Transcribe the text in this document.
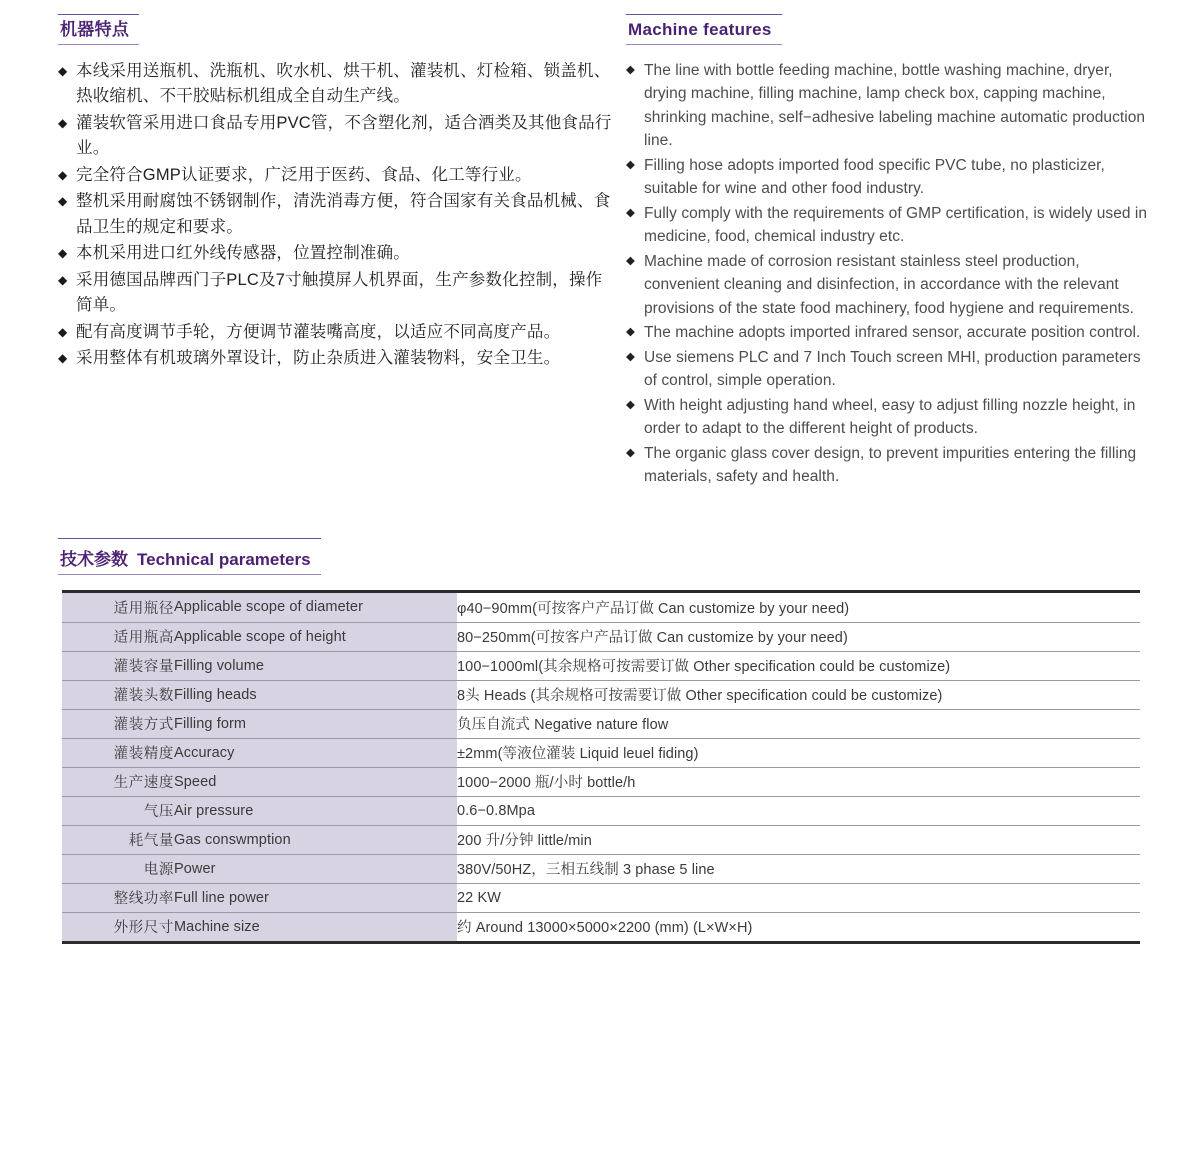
机器特点
◆ 本线采用送瓶机、洗瓶机、吹水机、烘干机、灌装机、灯检箱、锁盖机、热收缩机、不干胶贴标机组成全自动生产线。
◆ 灌装软管采用进口食品专用PVC管，不含塑化剂，适合酒类及其他食品行业。
◆ 完全符合GMP认证要求，广泛用于医药、食品、化工等行业。
◆ 整机采用耐腐蚀不锈钢制作，清洗消毒方便，符合国家有关食品机械、食品卫生的规定和要求。
◆ 本机采用进口红外线传感器，位置控制准确。
◆ 采用德国品牌西门子PLC及7寸触摸屏人机界面，生产参数化控制，操作简单。
◆ 配有高度调节手轮，方便调节灌装嘴高度，以适应不同高度产品。
◆ 采用整体有机玻璃外罩设计，防止杂质进入灌装物料，安全卫生。
Machine features
◆ The line with bottle feeding machine, bottle washing machine, dryer, drying machine, filling machine, lamp check box, capping machine, shrinking machine, self−adhesive labeling machine automatic production line.
◆ Filling hose adopts imported food specific PVC tube, no plasticizer, suitable for wine and other food industry.
◆ Fully comply with the requirements of GMP certification, is widely used in medicine, food, chemical industry etc.
◆ Machine made of corrosion resistant stainless steel production, convenient cleaning and disinfection, in accordance with the relevant provisions of the state food machinery, food hygiene and requirements.
◆ The machine adopts imported infrared sensor, accurate position control.
◆ Use siemens PLC and 7 Inch Touch screen MHI, production parameters of control, simple operation.
◆ With height adjusting hand wheel, easy to adjust filling nozzle height, in order to adapt to the different height of products.
◆ The organic glass cover design, to prevent impurities entering the filling materials, safety and health.
技术参数 Technical parameters
适用瓶径	Applicable scope of diameter	φ40−90mm(可按客户产品订做 Can customize by your need)
适用瓶高	Applicable scope of height	80−250mm(可按客户产品订做 Can customize by your need)
灌装容量	Filling volume	100−1000ml(其余规格可按需要订做 Other specification could be customize)
灌装头数	Filling heads	8头 Heads (其余规格可按需要订做 Other specification could be customize)
灌装方式	Filling form	负压自流式 Negative nature flow
灌装精度	Accuracy	±2mm(等液位灌装 Liquid leuel fiding)
生产速度	Speed	1000−2000 瓶/小时 bottle/h
气压	Air pressure	0.6−0.8Mpa
耗气量	Gas conswmption	200 升/分钟 little/min
电源	Power	380V/50HZ，三相五线制 3 phase 5 line
整线功率	Full line power	22 KW
外形尺寸	Machine size	约 Around 13000×5000×2200 (mm) (L×W×H)
